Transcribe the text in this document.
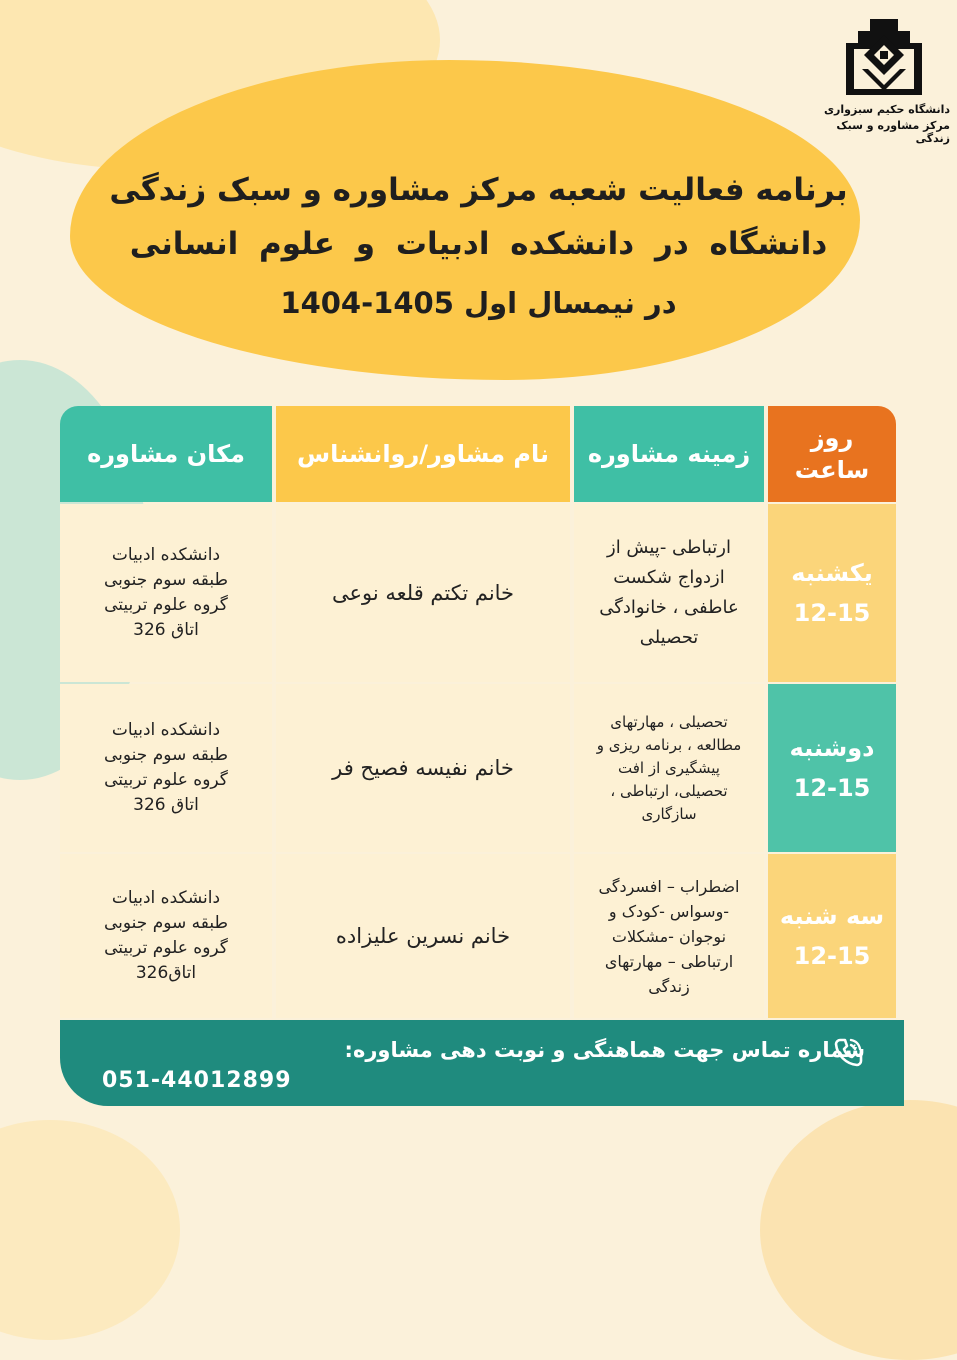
دانشگاه حکیم سبزواری
مرکز مشاوره و سبک زندگی
برنامه فعالیت شعبه مرکز مشاوره و سبک زندگی
دانشگاه در دانشکده ادبیات و علوم انسانی
در نیمسال اول 1405-1404
روز
ساعت
زمینه مشاوره
نام مشاور/روانشناس
مکان مشاوره
یکشنبه
12-15
ارتباطی -پیش از
ازدواج شکست
عاطفی ، خانوادگی
تحصیلی
خانم تکتم قلعه نوعی
دانشکده ادبیات
طبقه سوم جنوبی
گروه علوم تربیتی
اتاق 326
دوشنبه
12-15
تحصیلی ، مهارتهای
مطالعه ، برنامه ریزی و
پیشگیری از افت
تحصیلی، ارتباطی ،
سازگاری
خانم نفیسه فصیح فر
دانشکده ادبیات
طبقه سوم جنوبی
گروه علوم تربیتی
اتاق 326
سه شنبه
12-15
اضطراب – افسردگی
-وسواس -کودک و
نوجوان -مشکلات
ارتباطی – مهارتهای
زندگی
خانم نسرین علیزاده
دانشکده ادبیات
طبقه سوم جنوبی
گروه علوم تربیتی
اتاق326
شماره تماس جهت هماهنگی و نوبت دهی مشاوره:
051-44012899
